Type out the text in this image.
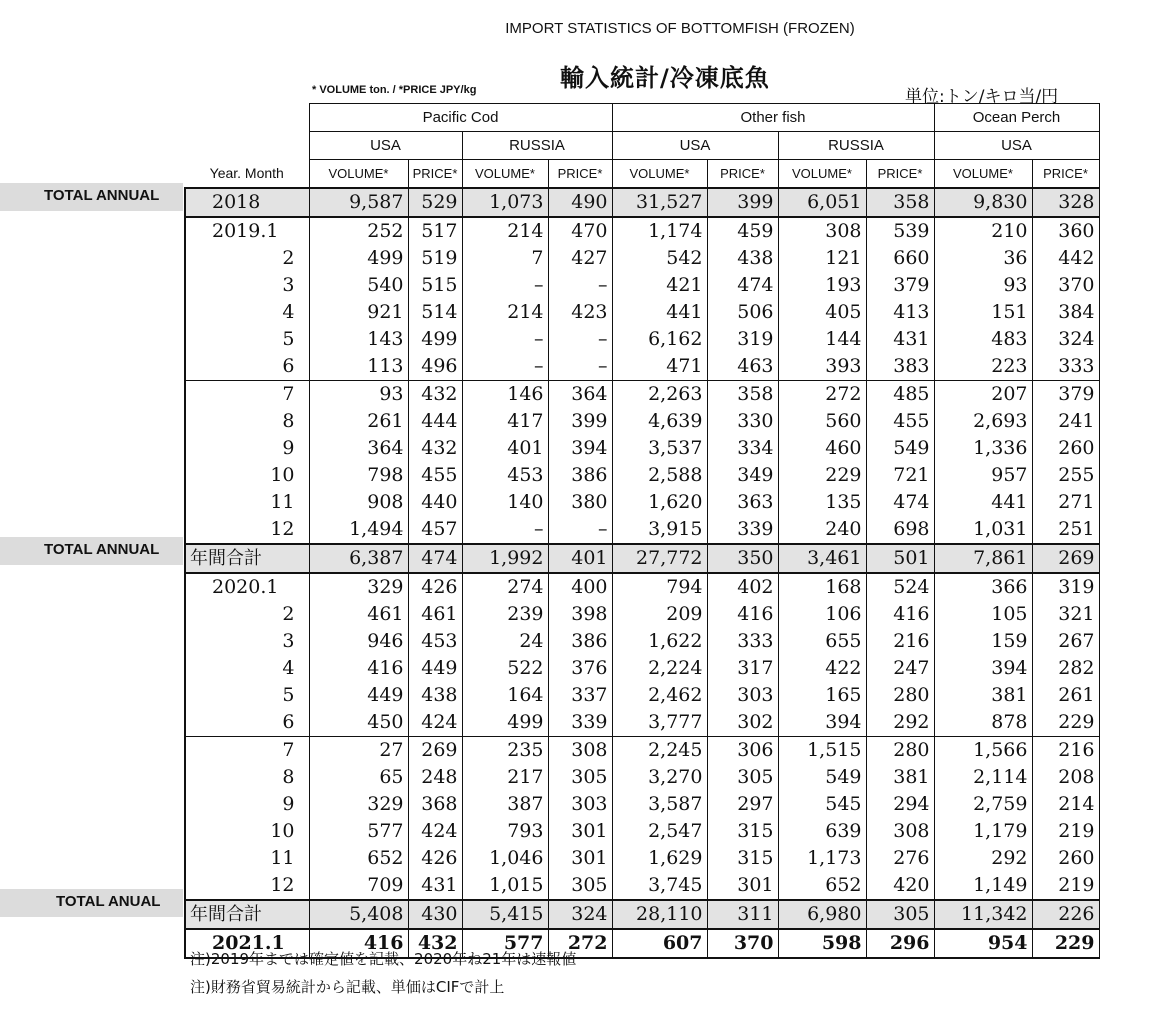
IMPORT STATISTICS OF BOTTOMFISH (FROZEN)
輸入統計/冷凍底魚
* VOLUME ton. / *PRICE JPY/kg	単位:トン/キロ当/円
TOTAL ANNUAL
TOTAL ANNUAL
TOTAL ANUAL
	Pacific Cod				Other fish				Ocean Perch	
	USA		RUSSIA		USA		RUSSIA		USA	
Year. Month	VOLUME*	PRICE*	VOLUME*	PRICE*	VOLUME*	PRICE*	VOLUME*	PRICE*	VOLUME*	PRICE*
2018	9,587	529	1,073	490	31,527	399	6,051	358	9,830	328
2019.1	252	517	214	470	1,174	459	308	539	210	360
2	499	519	7	427	542	438	121	660	36	442
3	540	515	–	–	421	474	193	379	93	370
4	921	514	214	423	441	506	405	413	151	384
5	143	499	–	–	6,162	319	144	431	483	324
6	113	496	–	–	471	463	393	383	223	333
7	93	432	146	364	2,263	358	272	485	207	379
8	261	444	417	399	4,639	330	560	455	2,693	241
9	364	432	401	394	3,537	334	460	549	1,336	260
10	798	455	453	386	2,588	349	229	721	957	255
11	908	440	140	380	1,620	363	135	474	441	271
12	1,494	457	–	–	3,915	339	240	698	1,031	251
年間合計	6,387	474	1,992	401	27,772	350	3,461	501	7,861	269
2020.1	329	426	274	400	794	402	168	524	366	319
2	461	461	239	398	209	416	106	416	105	321
3	946	453	24	386	1,622	333	655	216	159	267
4	416	449	522	376	2,224	317	422	247	394	282
5	449	438	164	337	2,462	303	165	280	381	261
6	450	424	499	339	3,777	302	394	292	878	229
7	27	269	235	308	2,245	306	1,515	280	1,566	216
8	65	248	217	305	3,270	305	549	381	2,114	208
9	329	368	387	303	3,587	297	545	294	2,759	214
10	577	424	793	301	2,547	315	639	308	1,179	219
11	652	426	1,046	301	1,629	315	1,173	276	292	260
12	709	431	1,015	305	3,745	301	652	420	1,149	219
年間合計	5,408	430	5,415	324	28,110	311	6,980	305	11,342	226
2021.1	416	432	577	272	607	370	598	296	954	229
注)2019年までは確定値を記載、2020年ね21年は速報値
注)財務省貿易統計から記載、単価はCIFで計上
